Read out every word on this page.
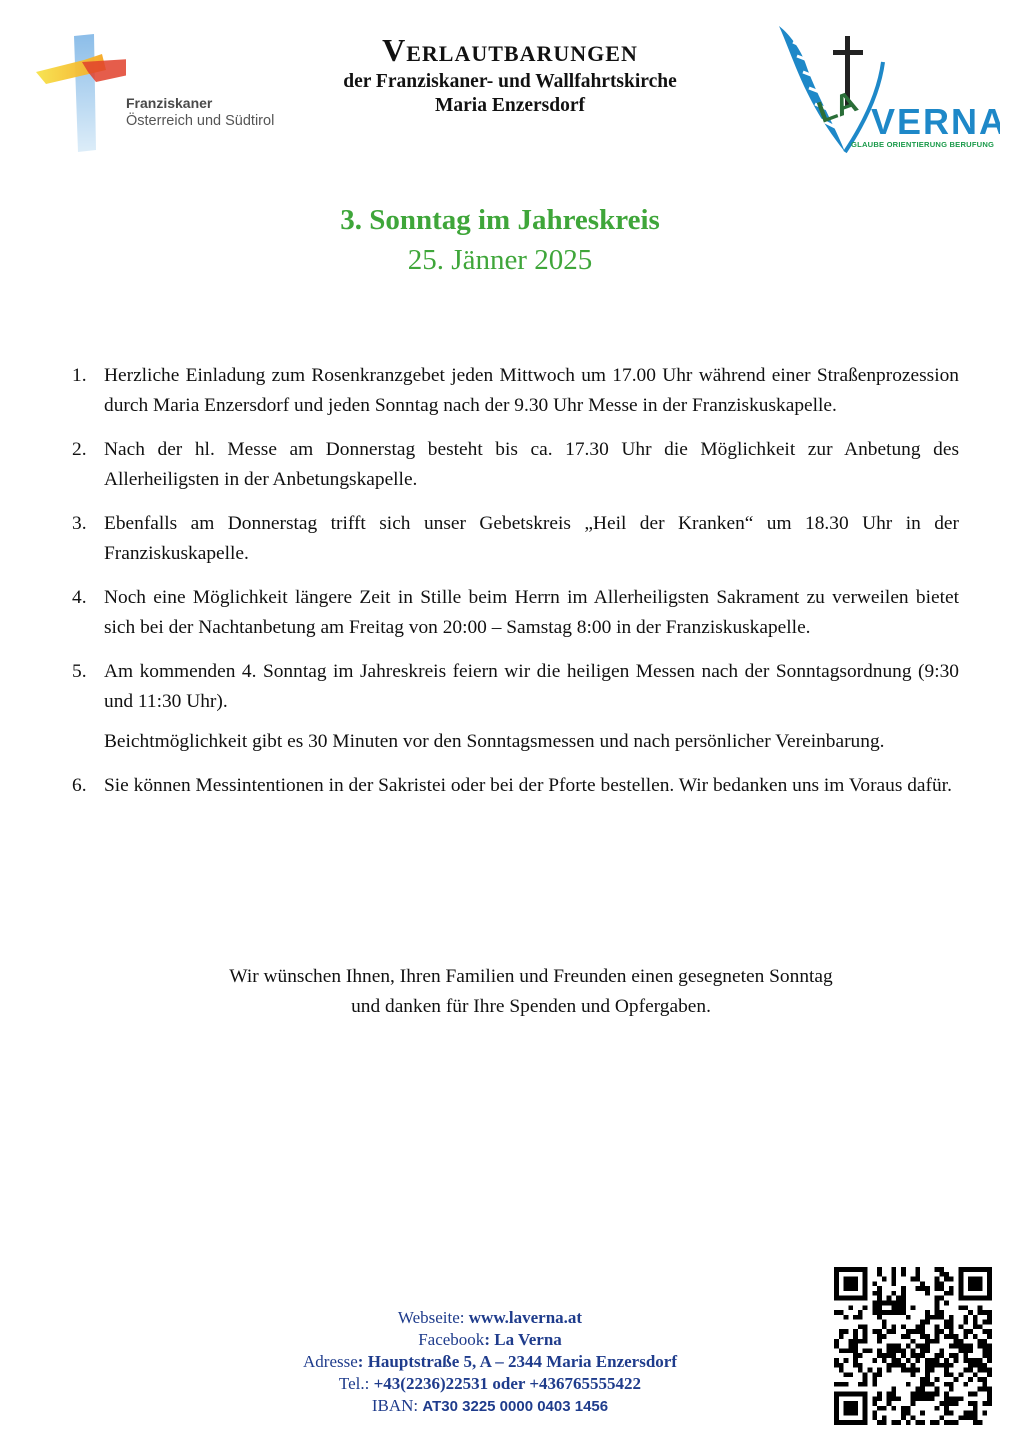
Franziskaner
Österreich und Südtirol
Verlautbarungen
der Franziskaner- und Wallfahrtskirche
Maria Enzersdorf	LA VERNA
GLAUBE ORIENTIERUNG BERUFUNG
3. Sonntag im Jahreskreis
25. Jänner 2025
1. Herzliche Einladung zum Rosenkranzgebet jeden Mittwoch um 17.00 Uhr während einer Straßenprozession durch Maria Enzersdorf und jeden Sonntag nach der 9.30 Uhr Messe in der Franziskuskapelle.

2. Nach der hl. Messe am Donnerstag besteht bis ca. 17.30 Uhr die Möglichkeit zur Anbetung des Allerheiligsten in der Anbetungskapelle.

3. Ebenfalls am Donnerstag trifft sich unser Gebetskreis „Heil der Kranken“ um 18.30 Uhr in der Franziskuskapelle.

4. Noch eine Möglichkeit längere Zeit in Stille beim Herrn im Allerheiligsten Sakrament zu verweilen bietet sich bei der Nachtanbetung am Freitag von 20:00 – Samstag 8:00 in der Franziskuskapelle.

5. Am kommenden 4. Sonntag im Jahreskreis feiern wir die heiligen Messen nach der Sonntagsordnung (9:30 und 11:30 Uhr).

Beichtmöglichkeit gibt es 30 Minuten vor den Sonntagsmessen und nach persönlicher Vereinbarung.

6. Sie können Messintentionen in der Sakristei oder bei der Pforte bestellen. Wir bedanken uns im Voraus dafür.

Wir wünschen Ihnen, Ihren Familien und Freunden einen gesegneten Sonntag
und danken für Ihre Spenden und Opfergaben.
Webseite: www.laverna.at
Facebook: La Verna
Adresse: Hauptstraße 5, A – 2344 Maria Enzersdorf
Tel.: +43(2236)22531 oder +436765555422
IBAN: AT30 3225 0000 0403 1456
